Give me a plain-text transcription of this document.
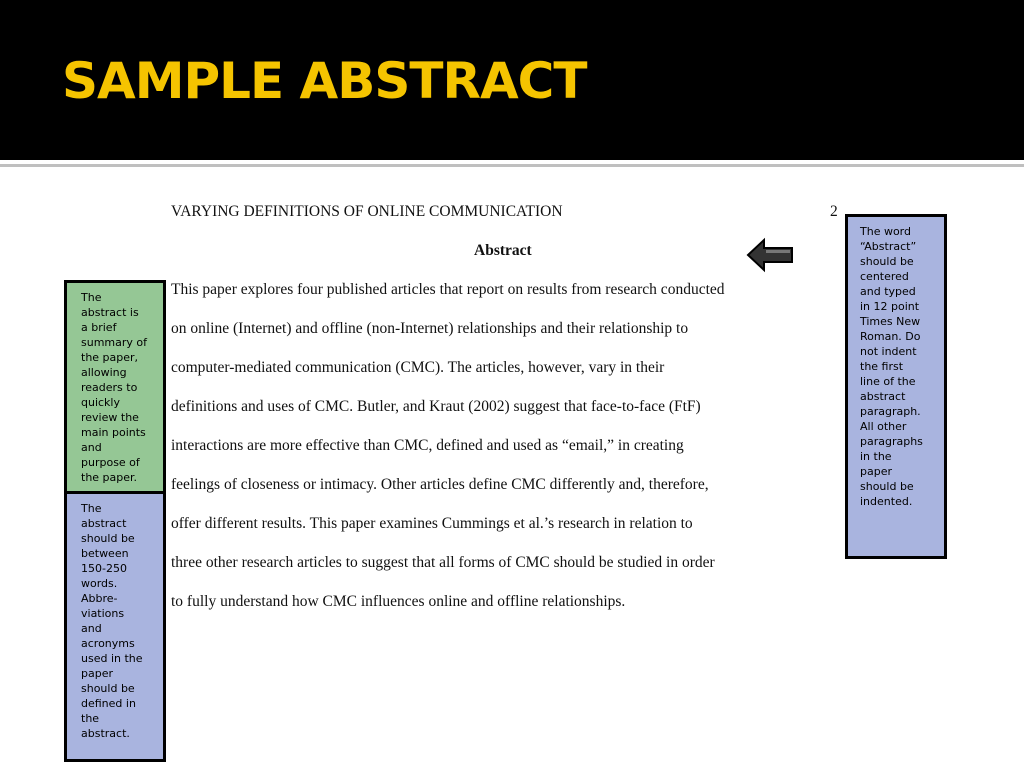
SAMPLE ABSTRACT
VARYING DEFINITIONS OF ONLINE COMMUNICATION	2
Abstract
This paper explores four published articles that report on results from research conducted
on online (Internet) and offline (non-Internet) relationships and their relationship to
computer-mediated communication (CMC). The articles, however, vary in their
definitions and uses of CMC. Butler, and Kraut (2002) suggest that face-to-face (FtF)
interactions are more effective than CMC, defined and used as “email,” in creating
feelings of closeness or intimacy. Other articles define CMC differently and, therefore,
offer different results. This paper examines Cummings et al.’s research in relation to
three other research articles to suggest that all forms of CMC should be studied in order
to fully understand how CMC influences online and offline relationships.
The
abstract is
a brief
summary of
the paper,
allowing
readers to
quickly
review the
main points
and
purpose of
the paper.
The
abstract
should be
between
150-250
words.
Abbre-
viations
and
acronyms
used in the
paper
should be
defined in
the
abstract.
The word
“Abstract”
should be
centered
and typed
in 12 point
Times New
Roman. Do
not indent
the first
line of the
abstract
paragraph.
All other
paragraphs
in the
paper
should be
indented.
